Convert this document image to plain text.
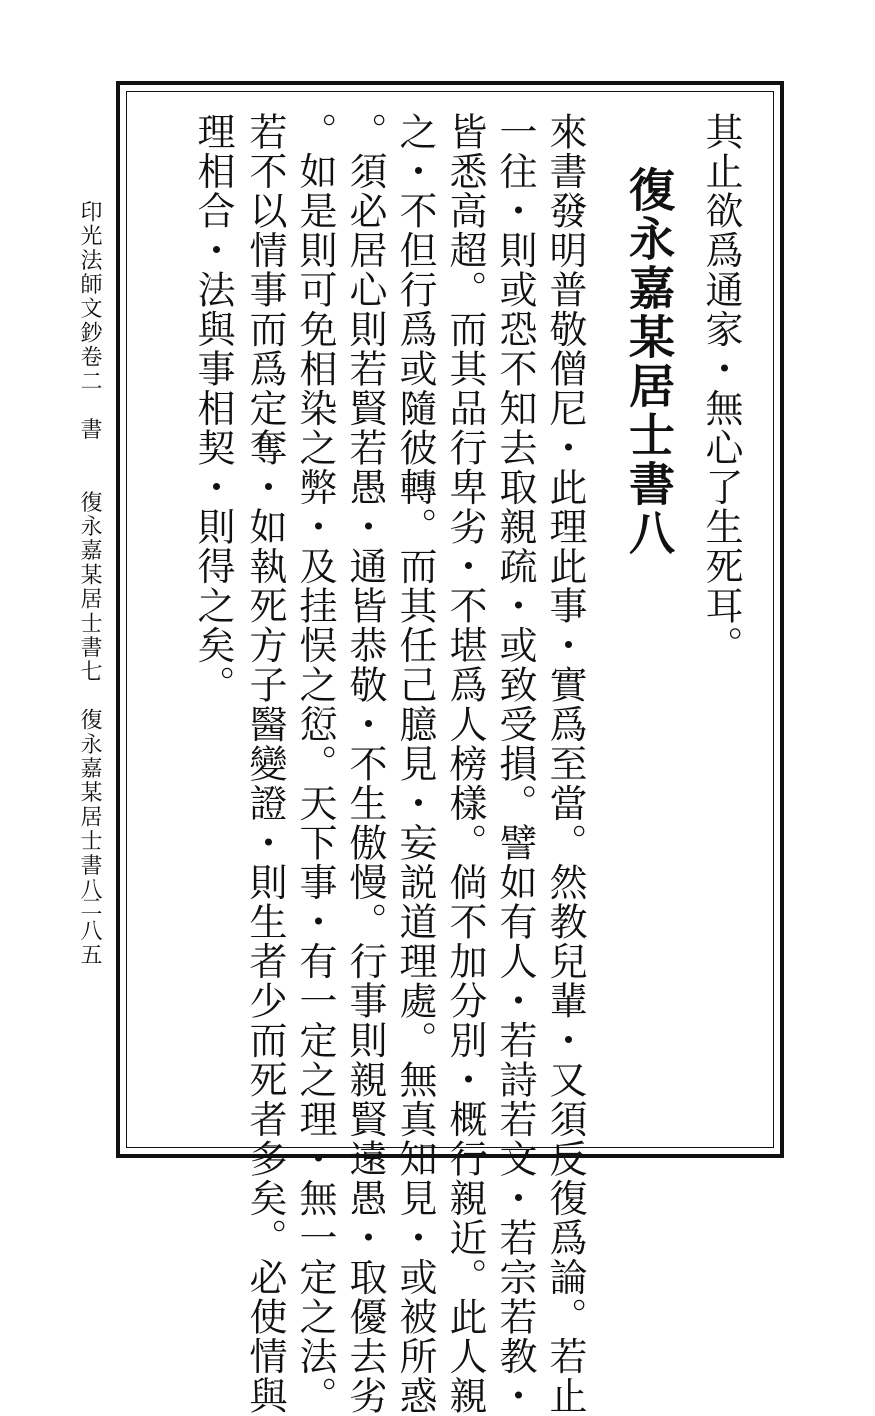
其止欲爲通家・無心了生死耳。
復永嘉某居士書八
來書發明普敬僧尼・此理此事・實爲至當。然教兒輩・又須反復爲論。若止
一往・則或恐不知去取親疏・或致受損。譬如有人・若詩若文・若宗若教・
皆悉高超。而其品行卑劣・不堪爲人榜樣。倘不加分別・概行親近。此人親
之・不但行爲或隨彼轉。而其任己臆見・妄説道理處。無真知見・或被所惑
。須必居心則若賢若愚・通皆恭敬・不生傲慢。行事則親賢遠愚・取優去劣
。如是則可免相染之弊・及挂悮之愆。天下事・有一定之理・無一定之法。
若不以情事而爲定奪・如執死方子醫變證・則生者少而死者多矣。必使情與
理相合・法與事相契・則得之矣。
印光法師文鈔卷二　書　　復永嘉某居士書七　復永嘉某居士書八
二八五
